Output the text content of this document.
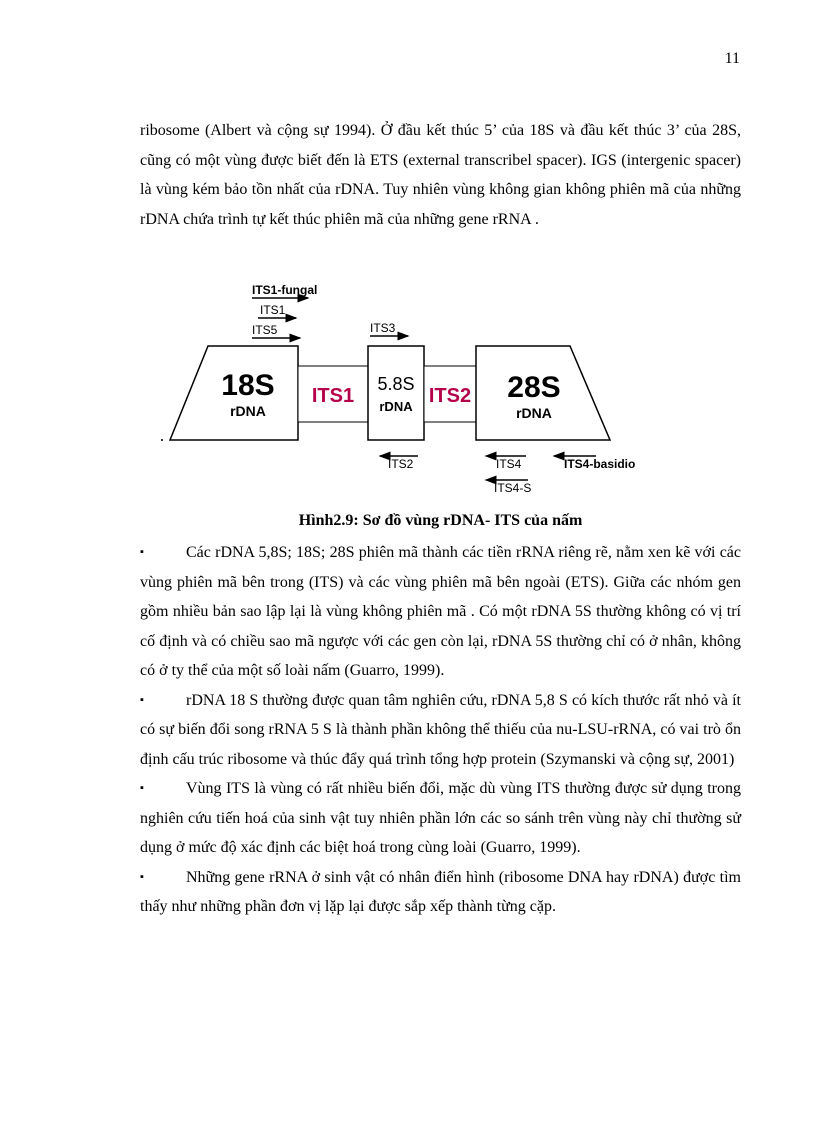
11

ribosome (Albert và cộng sự 1994). Ở đầu kết thúc 5’ của 18S và đầu kết thúc 3’ của 28S, cũng có một vùng được biết đến là ETS (external transcribel spacer). IGS (intergenic spacer) là vùng kém bảo tồn nhất của rDNA. Tuy nhiên vùng không gian không phiên mã của những rDNA chứa trình tự kết thúc phiên mã của những gene rRNA .

ITS1-fungal
ITS1
ITS5	ITS3
18S
rDNA
ITS1
5.8S
rDNA ITS2 28S
rDNA
ITS2	ITS4	ITS4-basidio
ITS4-S
Hình2.9: Sơ đồ vùng rDNA- ITS của nấm
▪	Các rDNA 5,8S; 18S; 28S phiên mã thành các tiền rRNA riêng rẽ, nằm xen kẽ với các vùng phiên mã bên trong (ITS) và các vùng phiên mã bên ngoài (ETS). Giữa các nhóm gen gồm nhiều bản sao lập lại là vùng không phiên mã . Có một rDNA 5S thường không có vị trí cố định và có chiều sao mã ngược với các gen còn lại, rDNA 5S thường chỉ có ở nhân, không có ở ty thể của một số loài nấm (Guarro, 1999).
▪	rDNA 18 S thường được quan tâm nghiên cứu, rDNA 5,8 S có kích thước rất nhỏ và ít có sự biến đổi song rRNA 5 S là thành phần không thể thiếu của nu-LSU-rRNA, có vai trò ổn định cấu trúc ribosome và thúc đẩy quá trình tổng hợp protein (Szymanski và cộng sự, 2001)
▪	Vùng ITS là vùng có rất nhiều biến đổi, mặc dù vùng ITS thường được sử dụng trong nghiên cứu tiến hoá của sinh vật tuy nhiên phần lớn các so sánh trên vùng này chỉ thường sử dụng ở mức độ xác định các biệt hoá trong cùng loài (Guarro, 1999).
▪	Những gene rRNA ở sinh vật có nhân điển hình (ribosome DNA hay rDNA) được tìm thấy như những phần đơn vị lặp lại được sắp xếp thành từng cặp.
